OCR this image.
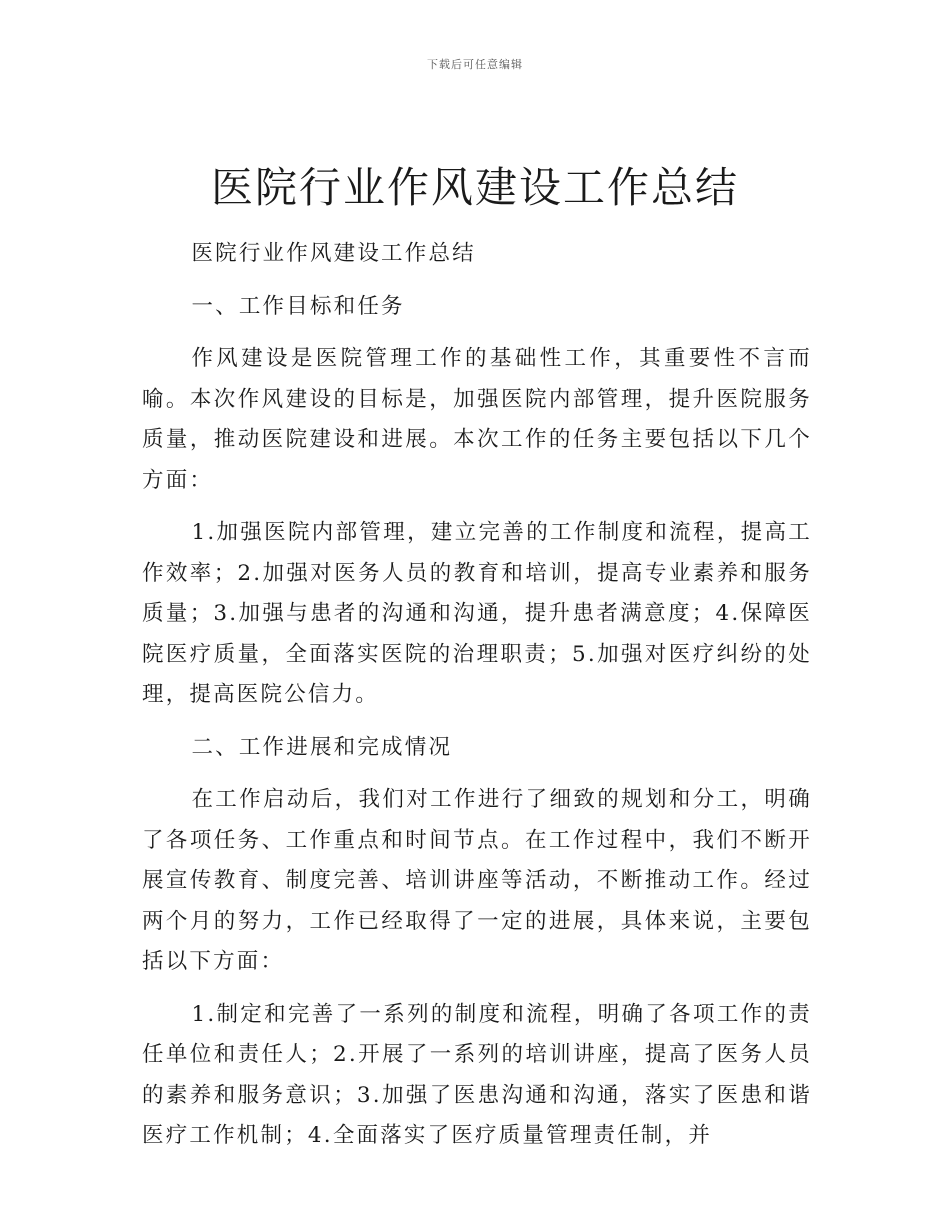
下载后可任意编辑
医院行业作风建设工作总结

医院行业作风建设工作总结

一、工作目标和任务

作风建设是医院管理工作的基础性工作，其重要性不言而喻。本次作风建设的目标是，加强医院内部管理，提升医院服务质量，推动医院建设和进展。本次工作的任务主要包括以下几个方面：

1.加强医院内部管理，建立完善的工作制度和流程，提高工作效率；2.加强对医务人员的教育和培训，提高专业素养和服务质量；3.加强与患者的沟通和沟通，提升患者满意度；4.保障医院医疗质量，全面落实医院的治理职责；5.加强对医疗纠纷的处理，提高医院公信力。

二、工作进展和完成情况

在工作启动后，我们对工作进行了细致的规划和分工，明确了各项任务、工作重点和时间节点。在工作过程中，我们不断开展宣传教育、制度完善、培训讲座等活动，不断推动工作。经过两个月的努力，工作已经取得了一定的进展，具体来说，主要包括以下方面：

1.制定和完善了一系列的制度和流程，明确了各项工作的责任单位和责任人；2.开展了一系列的培训讲座，提高了医务人员的素养和服务意识；3.加强了医患沟通和沟通，落实了医患和谐医疗工作机制；4.全面落实了医疗质量管理责任制，并
